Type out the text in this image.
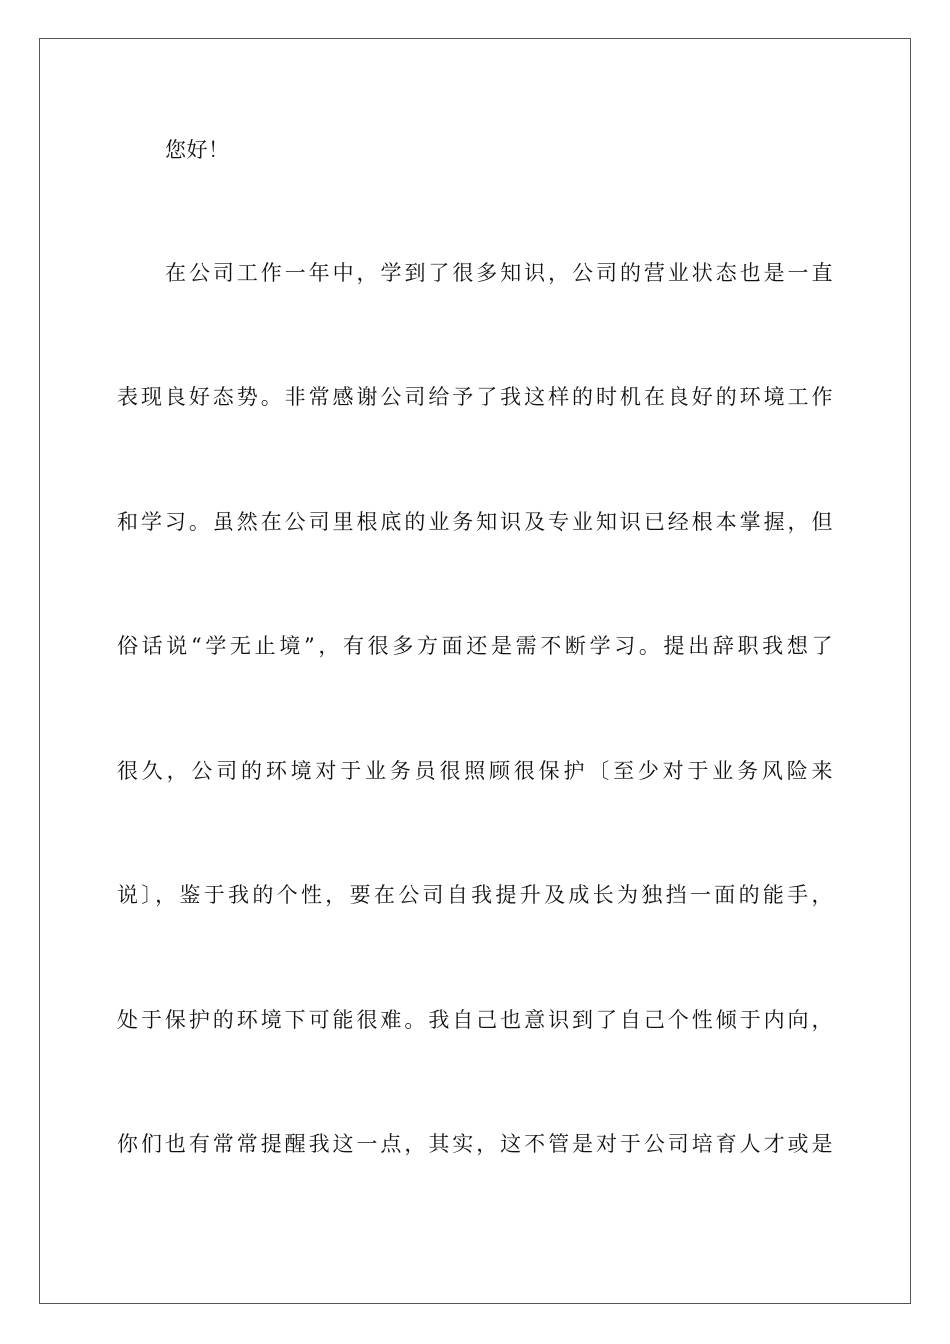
您好！
在公司工作一年中，学到了很多知识，公司的营业状态也是一直
表现良好态势。非常感谢公司给予了我这样的时机在良好的环境工作
和学习。虽然在公司里根底的业务知识及专业知识已经根本掌握，但
俗话说“学无止境”，有很多方面还是需不断学习。提出辞职我想了
很久，公司的环境对于业务员很照顾很保护〔至少对于业务风险来
说〕，鉴于我的个性，要在公司自我提升及成长为独挡一面的能手，
处于保护的环境下可能很难。我自己也意识到了自己个性倾于内向，
你们也有常常提醒我这一点，其实，这不管是对于公司培育人才或是
